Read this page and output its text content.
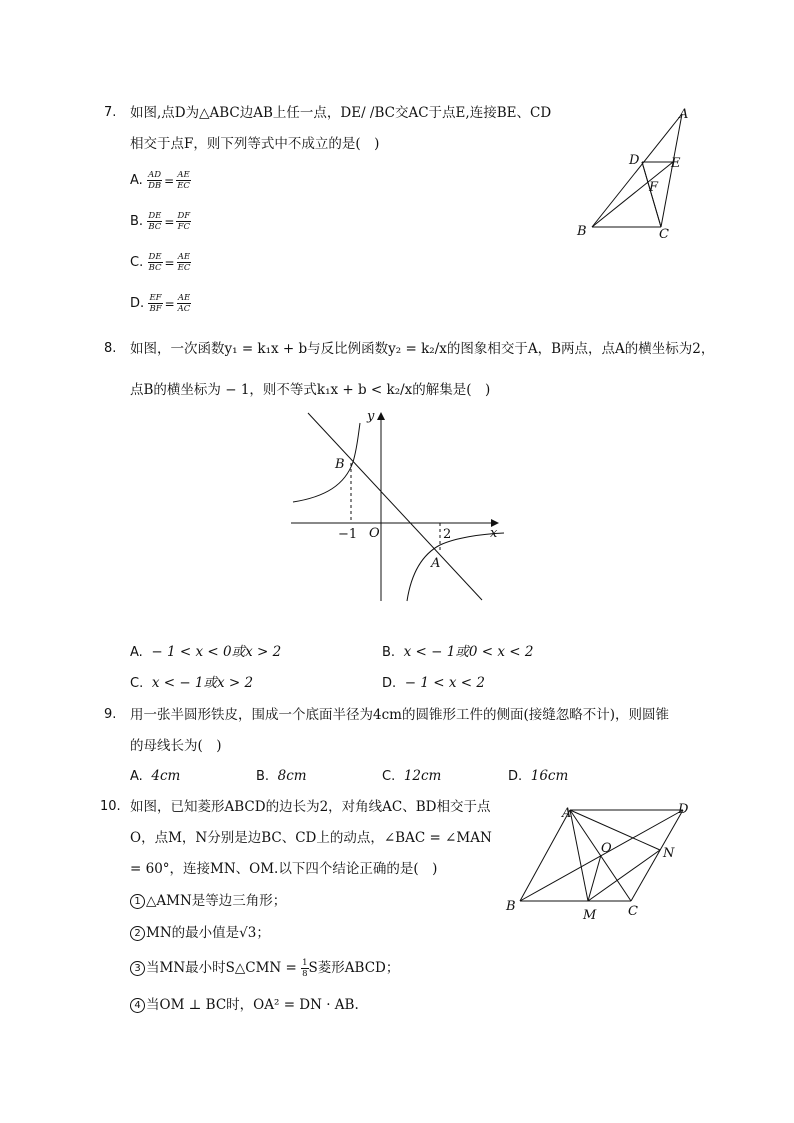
7. 如图,点D为△ABC边AB上任一点，DE/ /BC交AC于点E,连接BE、CD
相交于点F，则下列等式中不成立的是(　)
A. $\frac{AD}{DB} = \frac{AE}{EC}$
B. $\frac{DE}{BC} = \frac{DF}{FC}$
C. $\frac{DE}{BC} = \frac{AE}{EC}$
D. $\frac{EF}{BF} = \frac{AE}{AC}$
A
B	C
D E
F
8. 如图，一次函数y₁ = k₁x + b与反比例函数y₂ = k₂/x的图象相交于A，B两点，点A的横坐标为2，
点B的横坐标为 − 1，则不等式k₁x + b < k₂/x的解集是(　)
y
x
O
B
A
−1	2
A. − 1 < x < 0或x > 2	B. x < − 1或0 < x < 2
C. x < − 1或x > 2	D. − 1 < x < 2
9. 用一张半圆形铁皮，围成一个底面半径为4cm的圆锥形工件的侧面(接缝忽略不计)，则圆锥
的母线长为(　)
A. 4cm	B. 8cm	C. 12cm	D. 16cm
10. 如图，已知菱形ABCD的边长为2，对角线AC、BD相交于点
O，点M，N分别是边BC、CD上的动点，∠BAC = ∠MAN
= 60°，连接MN、OM.以下四个结论正确的是(　)
1 △AMN是等边三角形；
2 MN的最小值是√3；
3 当MN最小时S△CMN = $\frac{1}{8}$ S菱形ABCD；
4 当OM ⊥ BC时，OA² = DN · AB.
A
B	C
D
O
M
N
